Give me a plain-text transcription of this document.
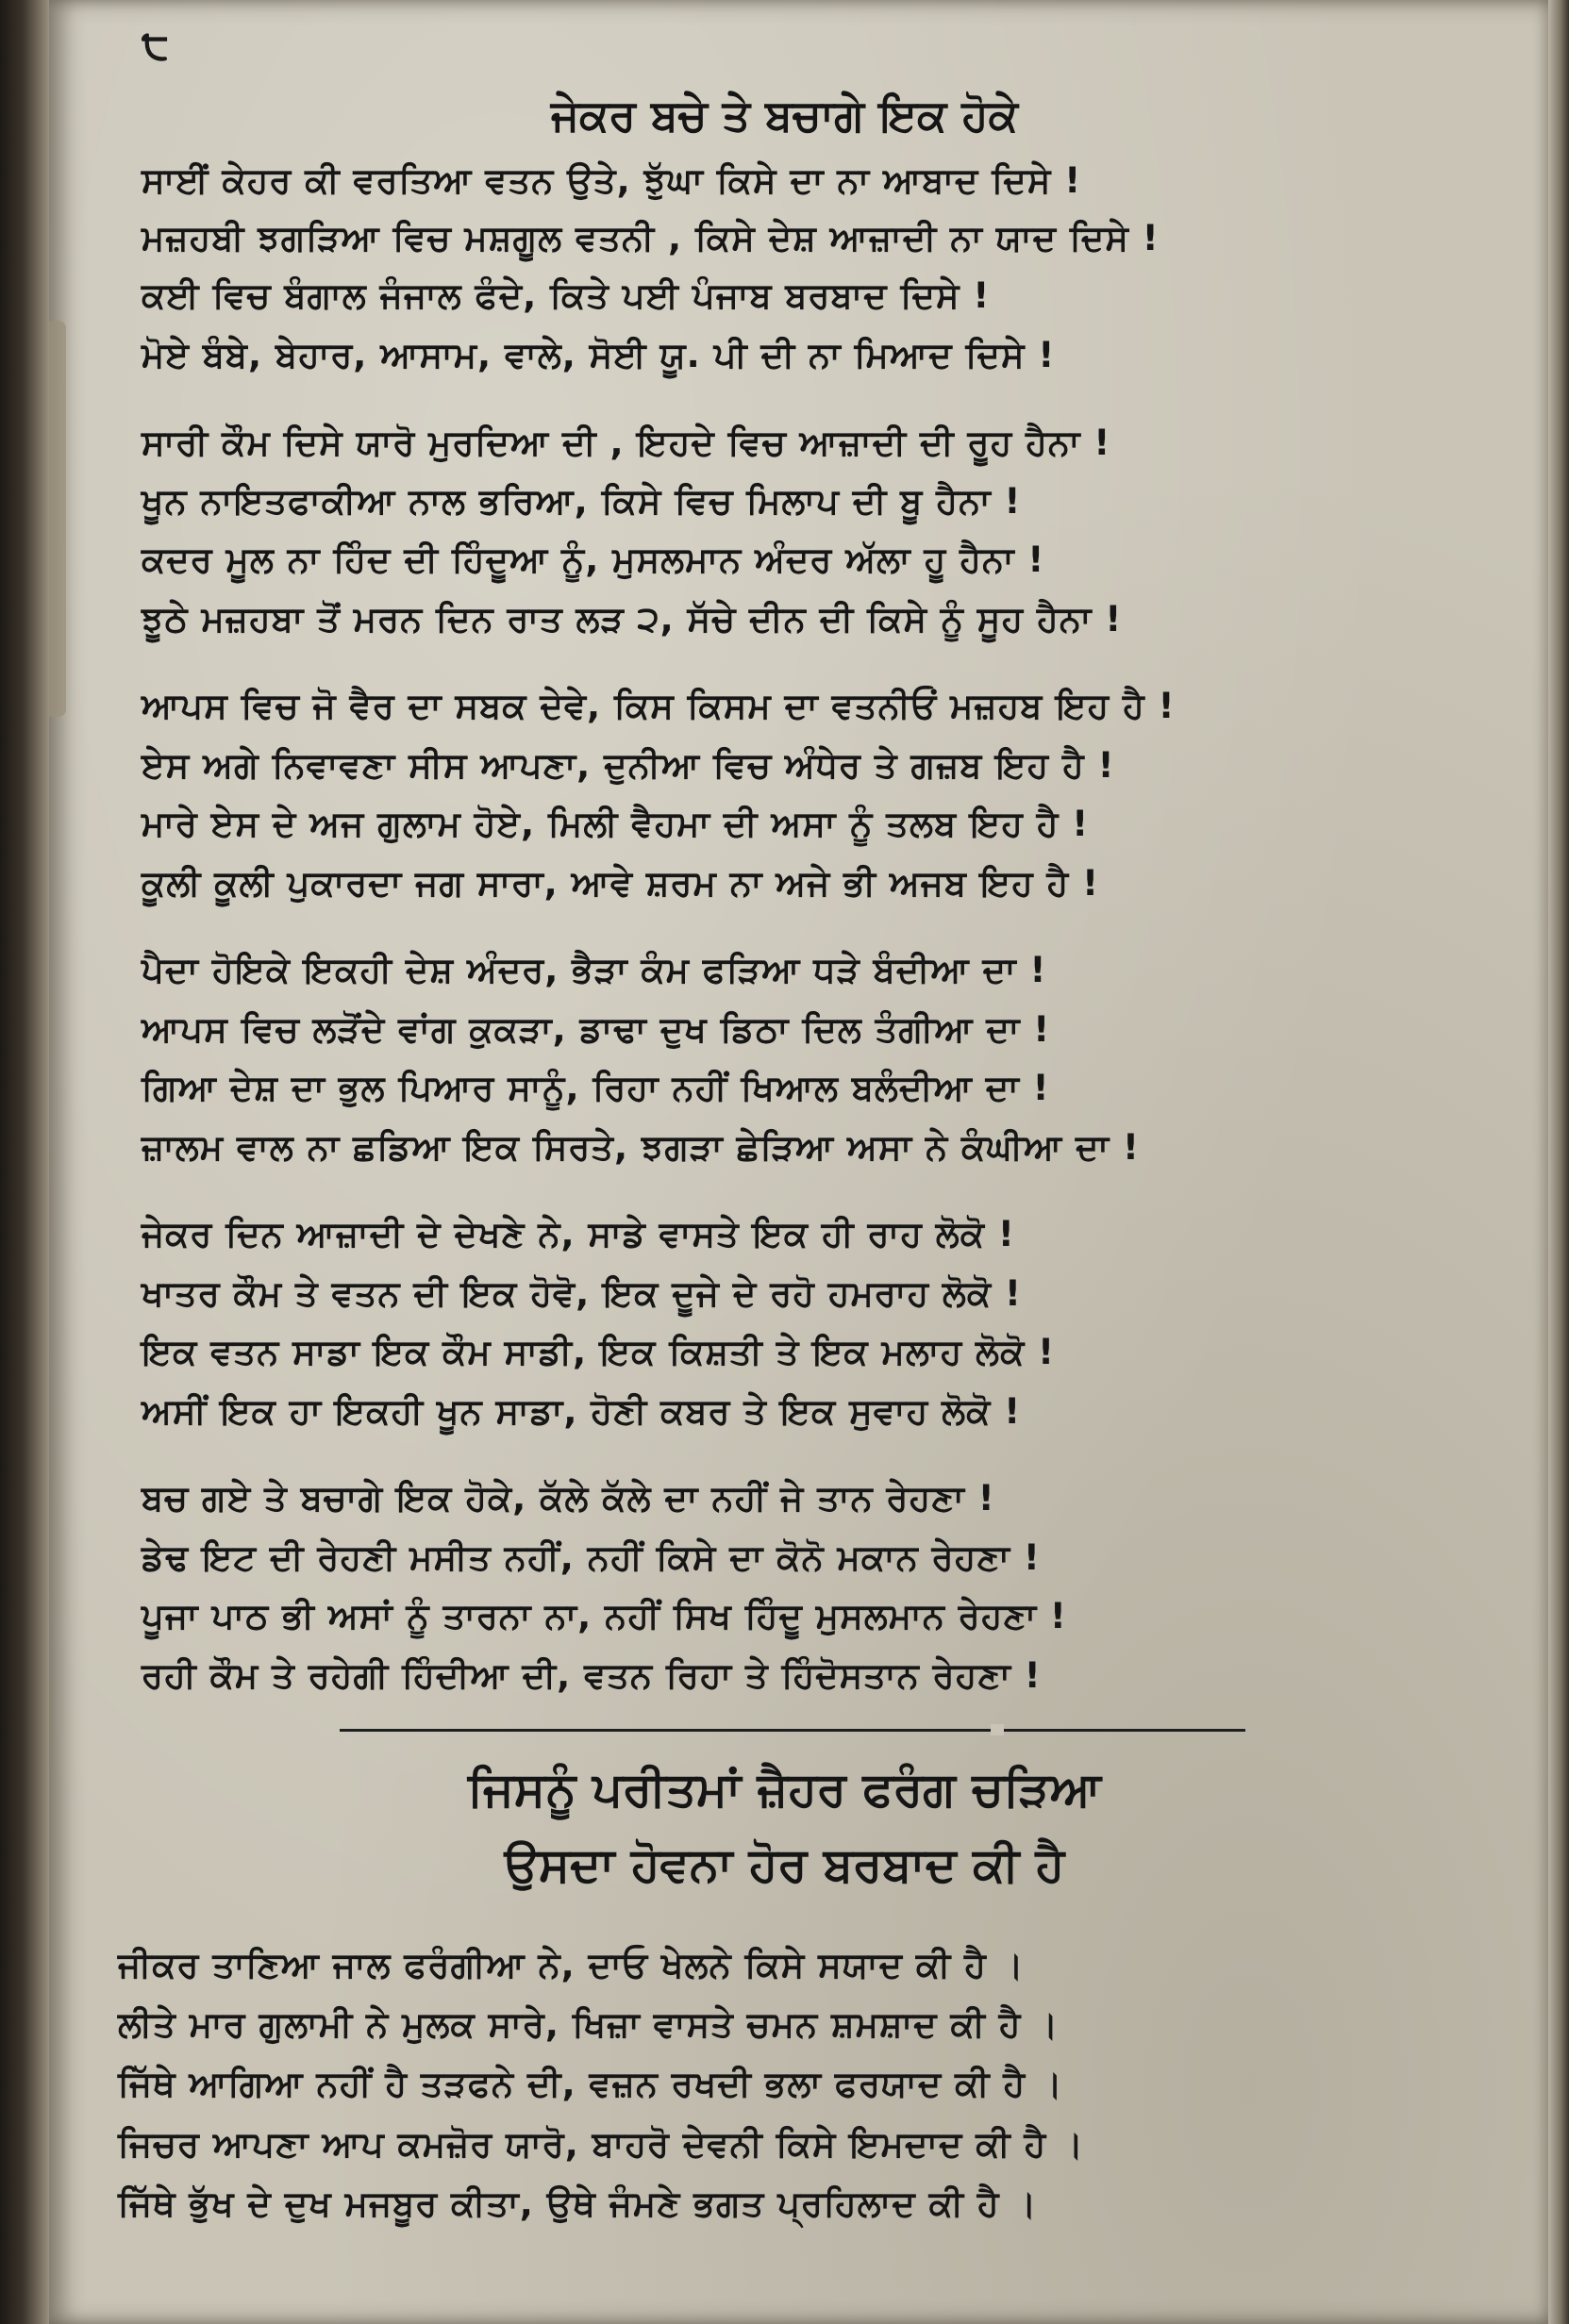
੮
ਜੇਕਰ ਬਚੇ ਤੇ ਬਚਾਗੇ ਇਕ ਹੋਕੇ
ਸਾਈਂ ਕੇਹਰ ਕੀ ਵਰਤਿਆ ਵਤਨ ਉਤੇ, ਝੁੱਘਾ ਕਿਸੇ ਦਾ ਨਾ ਆਬਾਦ ਦਿਸੇ !
ਮਜ਼ਹਬੀ ਝਗੜਿਆ ਵਿਚ ਮਸ਼ਗੂਲ ਵਤਨੀ , ਕਿਸੇ ਦੇਸ਼ ਆਜ਼ਾਦੀ ਨਾ ਯਾਦ ਦਿਸੇ !
ਕਈ ਵਿਚ ਬੰਗਾਲ ਜੰਜਾਲ ਫੰਦੇ, ਕਿਤੇ ਪਈ ਪੰਜਾਬ ਬਰਬਾਦ ਦਿਸੇ !
ਮੋਏ ਬੰਬੇ, ਬੇਹਾਰ, ਆਸਾਮ, ਵਾਲੇ, ਸੋਈ ਯੂ. ਪੀ ਦੀ ਨਾ ਮਿਆਦ ਦਿਸੇ !
ਸਾਰੀ ਕੌਮ ਦਿਸੇ ਯਾਰੋ ਮੁਰਦਿਆ ਦੀ , ਇਹਦੇ ਵਿਚ ਆਜ਼ਾਦੀ ਦੀ ਰੂਹ ਹੈਨਾ !
ਖੂਨ ਨਾਇਤਫਾਕੀਆ ਨਾਲ ਭਰਿਆ, ਕਿਸੇ ਵਿਚ ਮਿਲਾਪ ਦੀ ਬੂ ਹੈਨਾ !
ਕਦਰ ਮੂਲ ਨਾ ਹਿੰਦ ਦੀ ਹਿੰਦੂਆ ਨੂੰ, ਮੁਸਲਮਾਨ ਅੰਦਰ ਅੱਲਾ ਹੂ ਹੈਨਾ !
ਝੂਠੇ ਮਜ਼ਹਬਾ ਤੋਂ ਮਰਨ ਦਿਨ ਰਾਤ ਲੜ ੨, ਸੱਚੇ ਦੀਨ ਦੀ ਕਿਸੇ ਨੂੰ ਸੂਹ ਹੈਨਾ !
ਆਪਸ ਵਿਚ ਜੋ ਵੈਰ ਦਾ ਸਬਕ ਦੇਵੇ, ਕਿਸ ਕਿਸਮ ਦਾ ਵਤਨੀਓਂ ਮਜ਼ਹਬ ਇਹ ਹੈ !
ਏਸ ਅਗੇ ਨਿਵਾਵਣਾ ਸੀਸ ਆਪਣਾ, ਦੁਨੀਆ ਵਿਚ ਅੰਧੇਰ ਤੇ ਗਜ਼ਬ ਇਹ ਹੈ !
ਮਾਰੇ ਏਸ ਦੇ ਅਜ ਗੁਲਾਮ ਹੋਏ, ਮਿਲੀ ਵੈਹਮਾ ਦੀ ਅਸਾ ਨੂੰ ਤਲਬ ਇਹ ਹੈ !
ਕੂਲੀ ਕੂਲੀ ਪੁਕਾਰਦਾ ਜਗ ਸਾਰਾ, ਆਵੇ ਸ਼ਰਮ ਨਾ ਅਜੇ ਭੀ ਅਜਬ ਇਹ ਹੈ !
ਪੈਦਾ ਹੋਇਕੇ ਇਕਹੀ ਦੇਸ਼ ਅੰਦਰ, ਭੈੜਾ ਕੰਮ ਫੜਿਆ ਧੜੇ ਬੰਦੀਆ ਦਾ !
ਆਪਸ ਵਿਚ ਲੜੋਂਦੇ ਵਾਂਗ ਕੁਕੜਾ, ਡਾਢਾ ਦੁਖ ਡਿਠਾ ਦਿਲ ਤੰਗੀਆ ਦਾ !
ਗਿਆ ਦੇਸ਼ ਦਾ ਭੁਲ ਪਿਆਰ ਸਾਨੂੰ, ਰਿਹਾ ਨਹੀਂ ਖਿਆਲ ਬਲੰਦੀਆ ਦਾ !
ਜ਼ਾਲਮ ਵਾਲ ਨਾ ਛਡਿਆ ਇਕ ਸਿਰਤੇ, ਝਗੜਾ ਛੇੜਿਆ ਅਸਾ ਨੇ ਕੰਘੀਆ ਦਾ !
ਜੇਕਰ ਦਿਨ ਆਜ਼ਾਦੀ ਦੇ ਦੇਖਣੇ ਨੇ, ਸਾਡੇ ਵਾਸਤੇ ਇਕ ਹੀ ਰਾਹ ਲੋਕੋ !
ਖਾਤਰ ਕੌਮ ਤੇ ਵਤਨ ਦੀ ਇਕ ਹੋਵੋ, ਇਕ ਦੂਜੇ ਦੇ ਰਹੋ ਹਮਰਾਹ ਲੋਕੋ !
ਇਕ ਵਤਨ ਸਾਡਾ ਇਕ ਕੌਮ ਸਾਡੀ, ਇਕ ਕਿਸ਼ਤੀ ਤੇ ਇਕ ਮਲਾਹ ਲੋਕੋ !
ਅਸੀਂ ਇਕ ਹਾ ਇਕਹੀ ਖੂਨ ਸਾਡਾ, ਹੋਣੀ ਕਬਰ ਤੇ ਇਕ ਸੁਵਾਹ ਲੋਕੋ !
ਬਚ ਗਏ ਤੇ ਬਚਾਗੇ ਇਕ ਹੋਕੇ, ਕੱਲੇ ਕੱਲੇ ਦਾ ਨਹੀਂ ਜੇ ਤਾਨ ਰੇਹਣਾ !
ਡੇਢ ਇਟ ਦੀ ਰੇਹਣੀ ਮਸੀਤ ਨਹੀਂ, ਨਹੀਂ ਕਿਸੇ ਦਾ ਕੋਨੋ ਮਕਾਨ ਰੇਹਣਾ !
ਪੂਜਾ ਪਾਠ ਭੀ ਅਸਾਂ ਨੂੰ ਤਾਰਨਾ ਨਾ, ਨਹੀਂ ਸਿਖ ਹਿੰਦੂ ਮੁਸਲਮਾਨ ਰੇਹਣਾ !
ਰਹੀ ਕੌਮ ਤੇ ਰਹੇਗੀ ਹਿੰਦੀਆ ਦੀ, ਵਤਨ ਰਿਹਾ ਤੇ ਹਿੰਦੋਸਤਾਨ ਰੇਹਣਾ !
ਜਿਸਨੂੰ ਪਰੀਤਮਾਂ ਜ਼ੈਹਰ ਫਰੰਗ ਚੜਿਆ
ਉਸਦਾ ਹੋਵਨਾ ਹੋਰ ਬਰਬਾਦ ਕੀ ਹੈ
ਜੀਕਰ ਤਾਣਿਆ ਜਾਲ ਫਰੰਗੀਆ ਨੇ, ਦਾਓ ਖੇਲਨੇ ਕਿਸੇ ਸਯਾਦ ਕੀ ਹੈ ।
ਲੀਤੇ ਮਾਰ ਗੁਲਾਮੀ ਨੇ ਮੁਲਕ ਸਾਰੇ, ਖਿਜ਼ਾ ਵਾਸਤੇ ਚਮਨ ਸ਼ਮਸ਼ਾਦ ਕੀ ਹੈ ।
ਜਿੱਥੇ ਆਗਿਆ ਨਹੀਂ ਹੈ ਤੜਫਨੇ ਦੀ, ਵਜ਼ਨ ਰਖਦੀ ਭਲਾ ਫਰਯਾਦ ਕੀ ਹੈ ।
ਜਿਚਰ ਆਪਣਾ ਆਪ ਕਮਜ਼ੋਰ ਯਾਰੋ, ਬਾਹਰੋ ਦੇਵਨੀ ਕਿਸੇ ਇਮਦਾਦ ਕੀ ਹੈ ।
ਜਿੱਥੇ ਭੁੱਖ ਦੇ ਦੁਖ ਮਜਬੂਰ ਕੀਤਾ, ਉਥੇ ਜੰਮਣੇ ਭਗਤ ਪ੍ਰਹਿਲਾਦ ਕੀ ਹੈ ।
